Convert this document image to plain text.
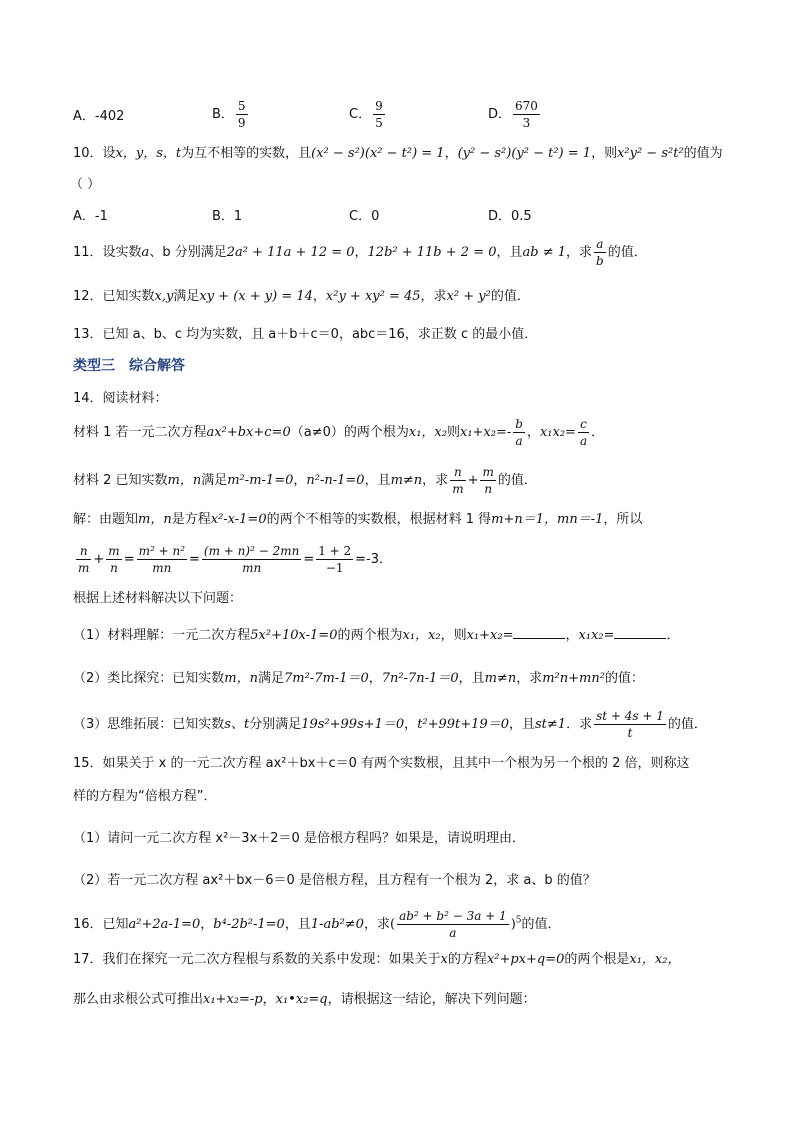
A．-402	B． $\frac{5}{9}$	C． $\frac{9}{5}$	D． $\frac{670}{3}$
10．设x，y，s，t为互不相等的实数，且(x² − s²)(x² − t²) = 1，(y² − s²)(y² − t²) = 1，则x²y² − s²t²的值为
（ ）
A．-1	B．1	C．0	D．0.5
11．设实数a、b 分别满足2a² + 11a + 12 = 0，12b² + 11b + 2 = 0，且ab ≠ 1，求 $\frac{a}{b}$ 的值．
12．已知实数x,y满足xy + (x + y) = 14，x²y + xy² = 45，求x² + y²的值．
13．已知 a、b、c 均为实数，且 a＋b＋c＝0，abc＝16，求正数 c 的最小值．
类型三　综合解答
14．阅读材料：
材料 1 若一元二次方程ax²+bx+c=0（a≠0）的两个根为x₁，x₂则$x_1+x_2=- \frac{b}{a}$ ，$x_1x_2= \frac{c}{a}$ ．
材料 2 已知实数m，n满足m²-m-1=0，n²-n-1=0，且m≠n，求 $\frac{n}{m} + \frac{m}{n}$ 的值．
解：由题知m，n是方程x²-x-1=0的两个不相等的实数根，根据材料 1 得m+n＝1，mn＝-1，所以
$\frac{n}{m} + \frac{m}{n} = \frac{\text{m² + n²}}{mn} = \frac{\text{(m + n)² − 2mn}}{mn} = \frac{1 + 2}{-1} =-3$．
根据上述材料解决以下问题：
（1）材料理解：一元二次方程5x²+10x-1=0的两个根为x₁，x₂，则x₁+x₂=	，x₁x₂=	．
（2）类比探究：已知实数m，n满足7m²-7m-1＝0，7n²-7n-1＝0，且m≠n，求m²n+mn²的值：
（3）思维拓展：已知实数s、t分别满足19s²+99s+1＝0，t²+99t+19＝0，且st≠1．求 $\frac{st + 4s + 1}{t}$ 的值．
15．如果关于 x 的一元二次方程 ax²＋bx＋c＝0 有两个实数根，且其中一个根为另一个根的 2 倍，则称这
样的方程为“倍根方程”．
（1）请问一元二次方程 x²－3x＋2＝0 是倍根方程吗？如果是，请说明理由．
（2）若一元二次方程 ax²＋bx－6＝0 是倍根方程，且方程有一个根为 2，求 a、b 的值？
16．已知a²+2a-1=0，b⁴-2b²-1=0，且1-ab²≠0，求( $\frac{\text{ab² + b² − 3a + 1}}{a} )^5$的值．
17．我们在探究一元二次方程根与系数的关系中发现：如果关于x的方程x²+px+q=0的两个根是x₁，x₂，
那么由求根公式可推出x₁+x₂=-p，x₁•x₂=q，请根据这一结论，解决下列问题：
